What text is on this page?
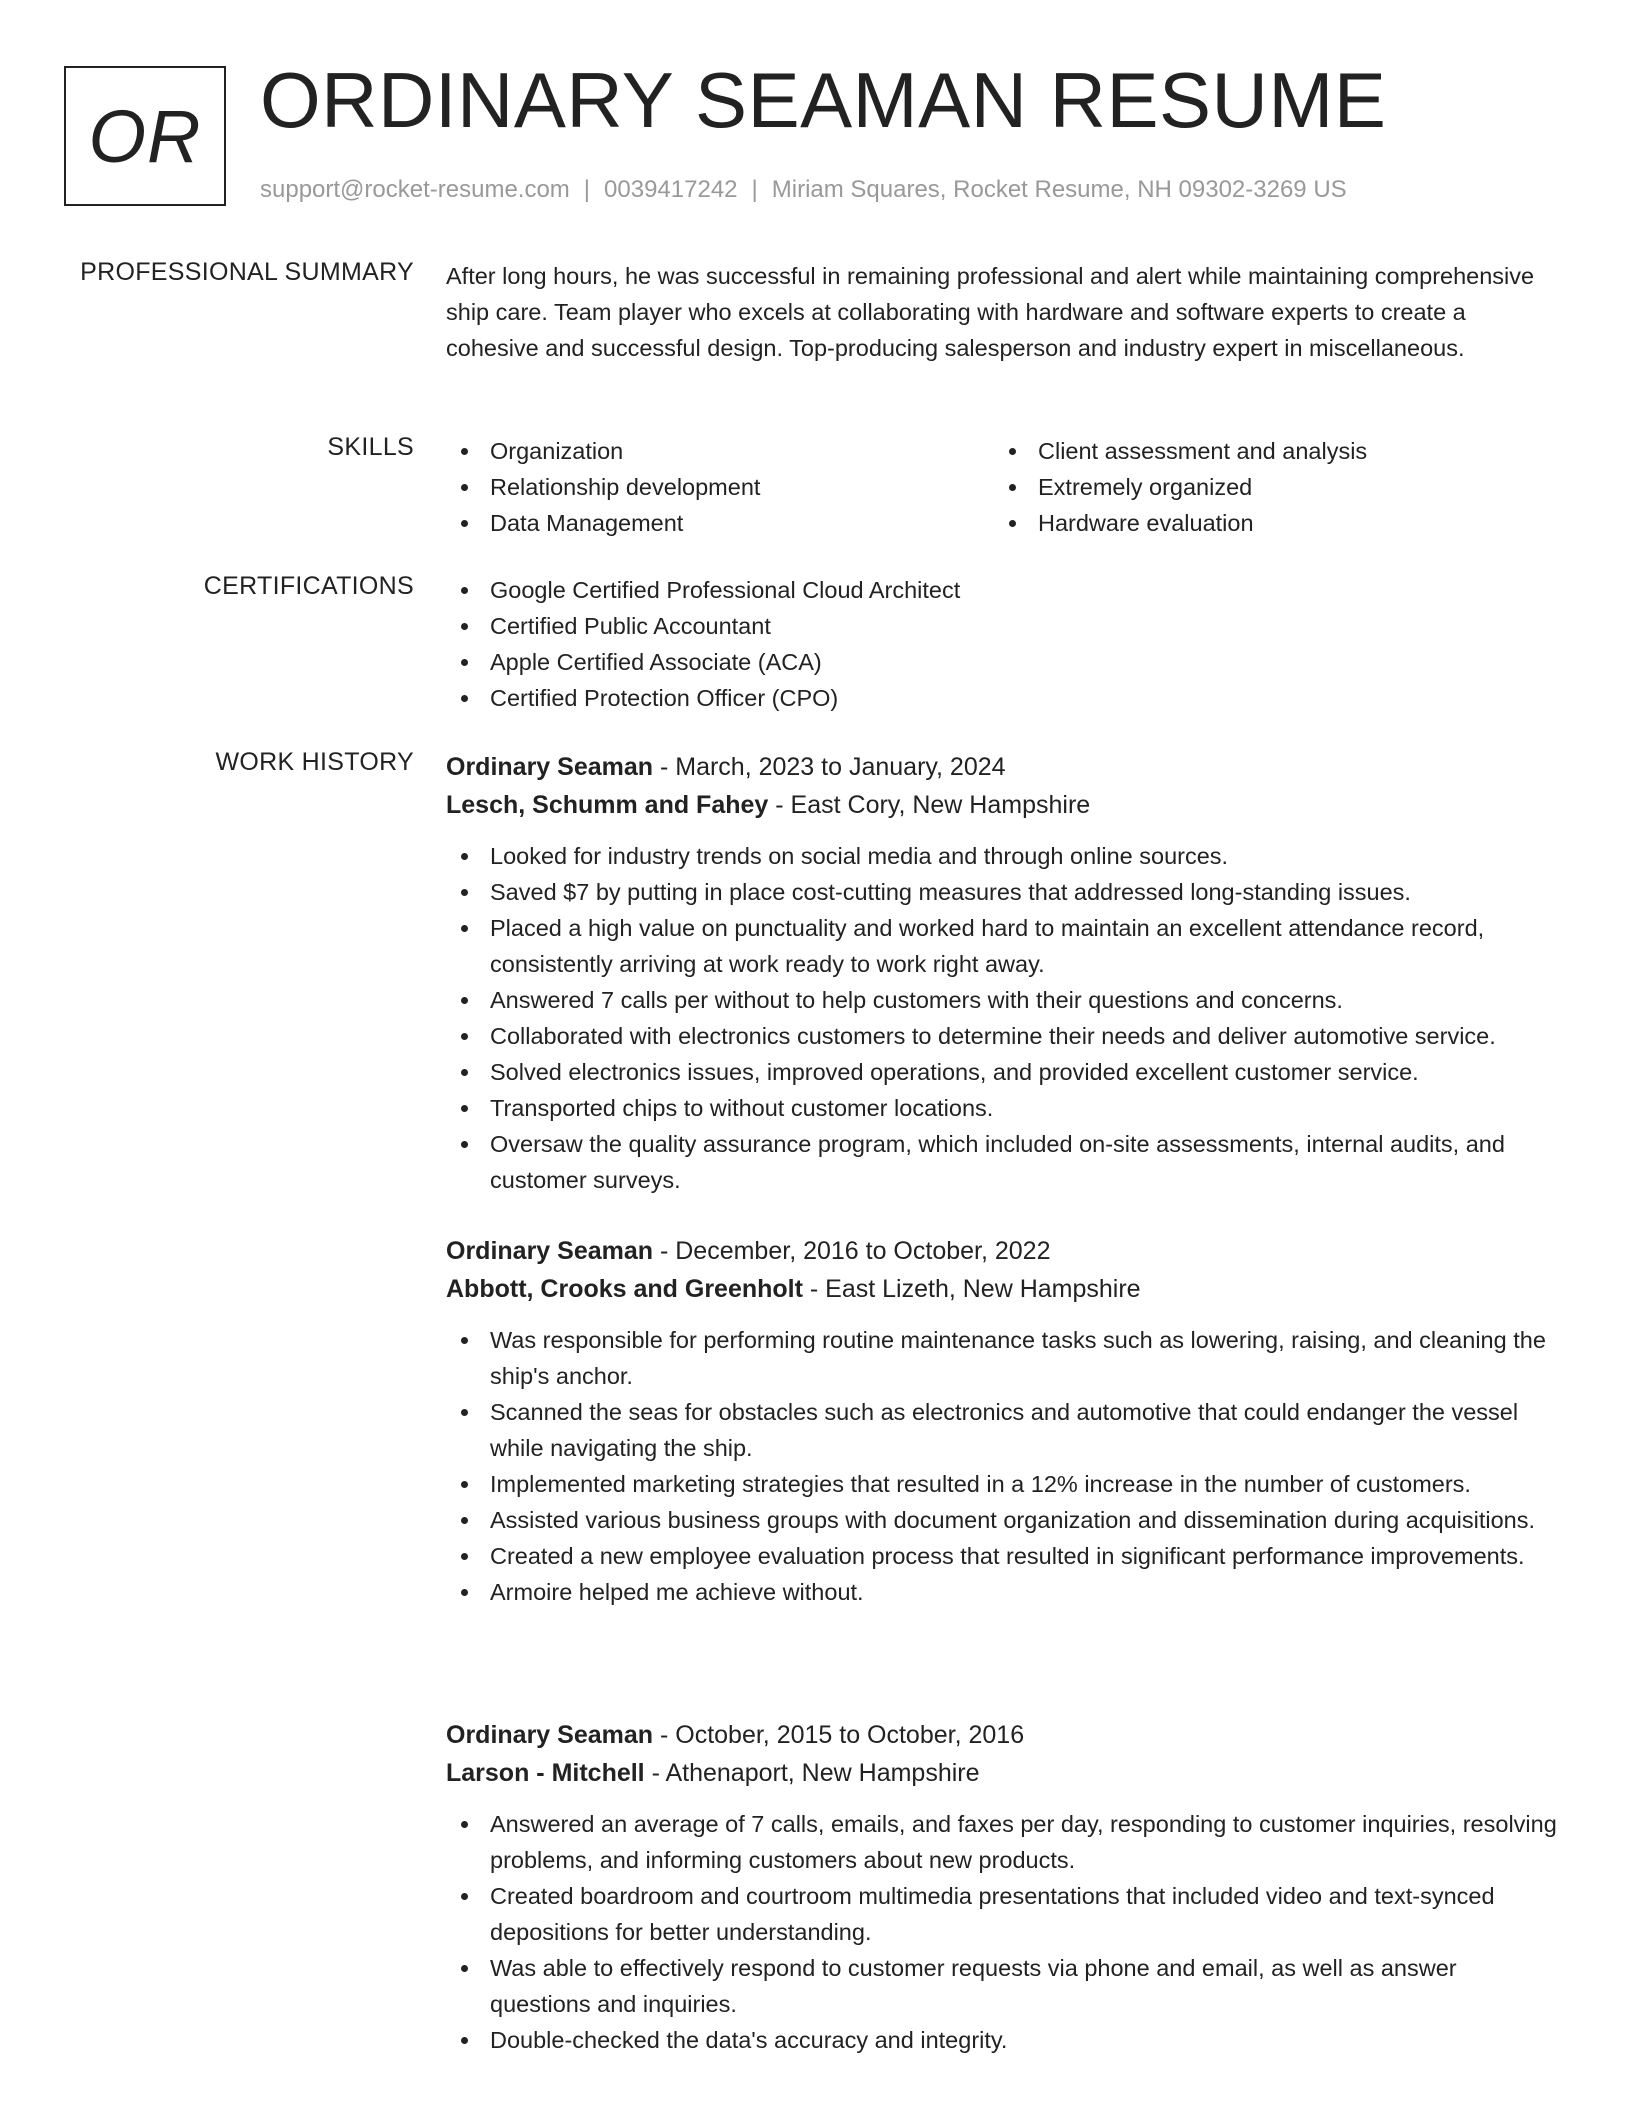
OR ORDINARY SEAMAN RESUME
support@rocket-resume.com | 0039417242 | Miriam Squares, Rocket Resume, NH 09302-3269 US
PROFESSIONAL SUMMARY After long hours, he was successful in remaining professional and alert while maintaining comprehensive ship care. Team player who excels at collaborating with hardware and software experts to create a cohesive and successful design. Top-producing salesperson and industry expert in miscellaneous.

SKILLS	Organization
Relationship development
Data Management
Client assessment and analysis
Extremely organized
Hardware evaluation
CERTIFICATIONS	Google Certified Professional Cloud Architect
Certified Public Accountant
Apple Certified Associate (ACA)
Certified Protection Officer (CPO)
WORK HISTORY Ordinary Seaman - March, 2023 to January, 2024
Lesch, Schumm and Fahey - East Cory, New Hampshire
Looked for industry trends on social media and through online sources.
Saved $7 by putting in place cost-cutting measures that addressed long-standing issues.
Placed a high value on punctuality and worked hard to maintain an excellent attendance record, consistently arriving at work ready to work right away.
Answered 7 calls per without to help customers with their questions and concerns.
Collaborated with electronics customers to determine their needs and deliver automotive service.
Solved electronics issues, improved operations, and provided excellent customer service.
Transported chips to without customer locations.
Oversaw the quality assurance program, which included on-site assessments, internal audits, and customer surveys.
Ordinary Seaman - December, 2016 to October, 2022
Abbott, Crooks and Greenholt - East Lizeth, New Hampshire
Was responsible for performing routine maintenance tasks such as lowering, raising, and cleaning the ship's anchor.
Scanned the seas for obstacles such as electronics and automotive that could endanger the vessel while navigating the ship.
Implemented marketing strategies that resulted in a 12% increase in the number of customers.
Assisted various business groups with document organization and dissemination during acquisitions.
Created a new employee evaluation process that resulted in significant performance improvements.
Armoire helped me achieve without.
Ordinary Seaman - October, 2015 to October, 2016
Larson - Mitchell - Athenaport, New Hampshire
Answered an average of 7 calls, emails, and faxes per day, responding to customer inquiries, resolving problems, and informing customers about new products.
Created boardroom and courtroom multimedia presentations that included video and text-synced depositions for better understanding.
Was able to effectively respond to customer requests via phone and email, as well as answer questions and inquiries.
Double-checked the data's accuracy and integrity.
